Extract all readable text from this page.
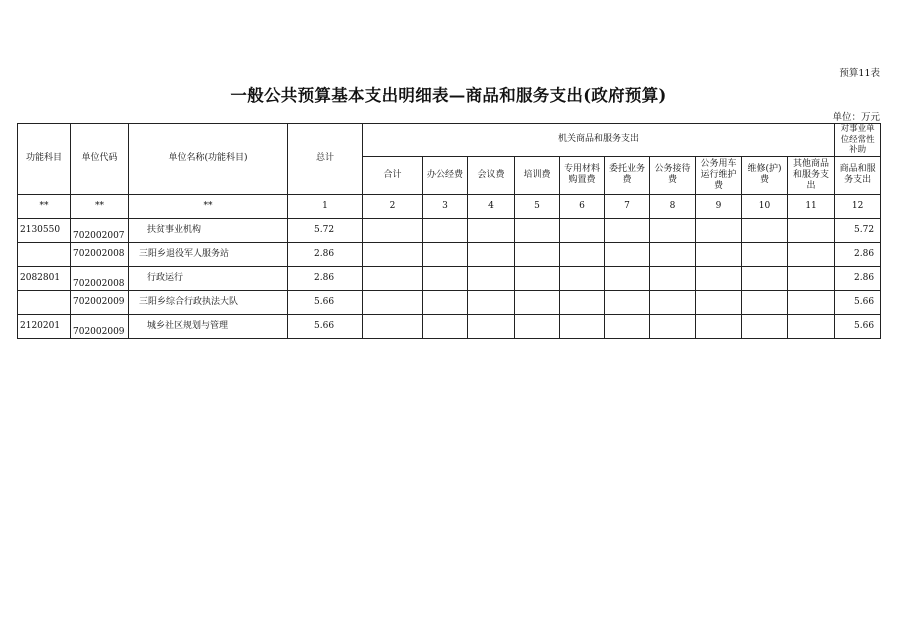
预算11表
一般公共预算基本支出明细表—商品和服务支出(政府预算)
单位：万元
功能科目	单位代码	单位名称(功能科目)	总计	机关商品和服务支出										对事业单位经常性补助
				合计	办公经费	会议费	培训费	专用材料购置费	委托业务费	公务接待费	公务用车运行维护费	维修(护)费	其他商品和服务支出	商品和服务支出
**	**	**	1	2	3	4	5	6	7	8	9	10	11	12
2130550	702002007	扶贫事业机构	5.72											5.72
	702002008	三阳乡退役军人服务站	2.86											2.86
2082801	702002008	行政运行	2.86											2.86
	702002009	三阳乡综合行政执法大队	5.66											5.66
2120201	702002009	城乡社区规划与管理	5.66											5.66
